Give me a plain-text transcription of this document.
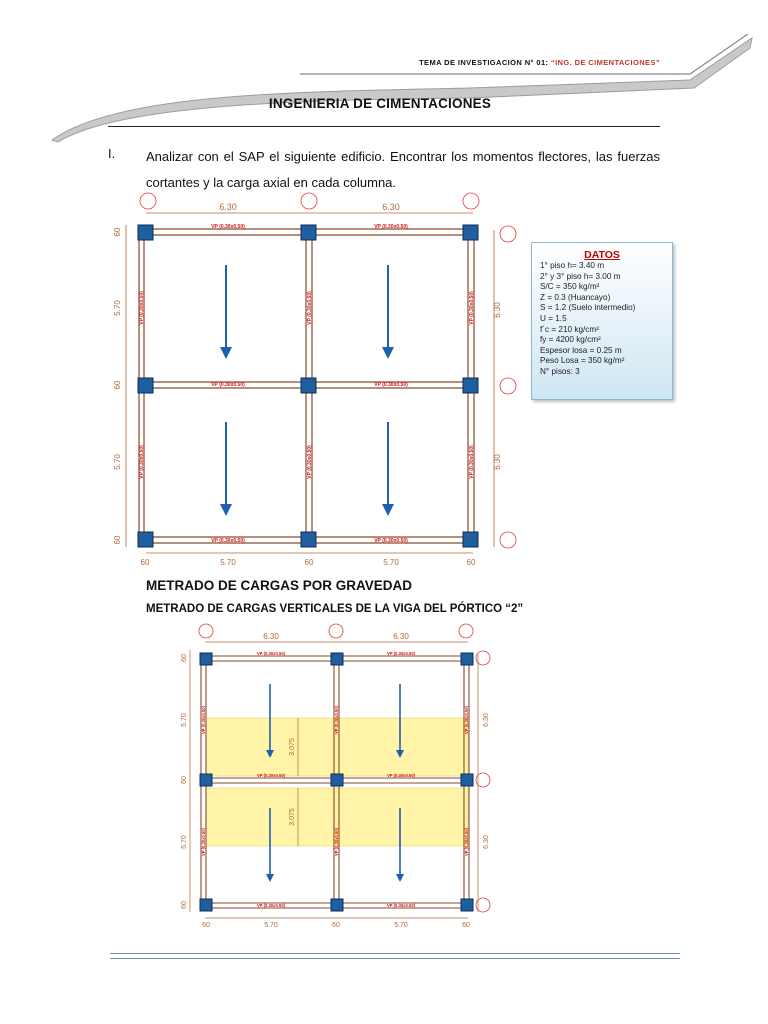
TEMA DE INVESTIGACION N° 01: “ING. DE CIMENTACIONES”
INGENIERIA DE CIMENTACIONES
I. Analizar con el SAP el siguiente edificio. Encontrar los momentos flectores, las fuerzas cortantes y la carga axial en cada columna.
6.30	6.30
60	5.70	60	5.70	60
60
5.70
60
5.70
60
6.30
6.30
VP (0.30x0.50)	VP (0.30x0.50)
VP (0.30x0.50)	VP (0.30x0.50)
VP (0.30x0.50)	VP (0.30x0.50)
VP (0.30x0.50)	VP (0.30x0.50)	VP (0.30x0.50)
VP (0.30x0.50)	VP (0.30x0.50)	VP (0.30x0.50)
DATOS
1° piso h= 3.40 m
2° y 3° piso h= 3.00 m
S/C = 350 kg/m²
Z = 0.3 (Huancayo)
S = 1.2 (Suelo intermedio)
U = 1.5
f´c = 210 kg/cm²
fy = 4200 kg/cm²
Espesor losa = 0.25 m
Peso Losa = 350 kg/m²
N° pisos: 3
METRADO DE CARGAS POR GRAVEDAD
METRADO DE CARGAS VERTICALES DE LA VIGA DEL PÓRTICO “2”
6.30	6.30
60	5.70	60	5.70	60
60
5.70
60
5.70
60
6.30
6.30
3.075
3.075
VP (0.30x0.50)	VP (0.30x0.50)
VP (0.30x0.50)	VP (0.30x0.50)
VP (0.30x0.50)	VP (0.30x0.50)
VP (0.30x0.50)	VP (0.30x0.50)	VP (0.30x0.50)
VP (0.30x0.50)	VP (0.30x0.50)	VP (0.30x0.50)
